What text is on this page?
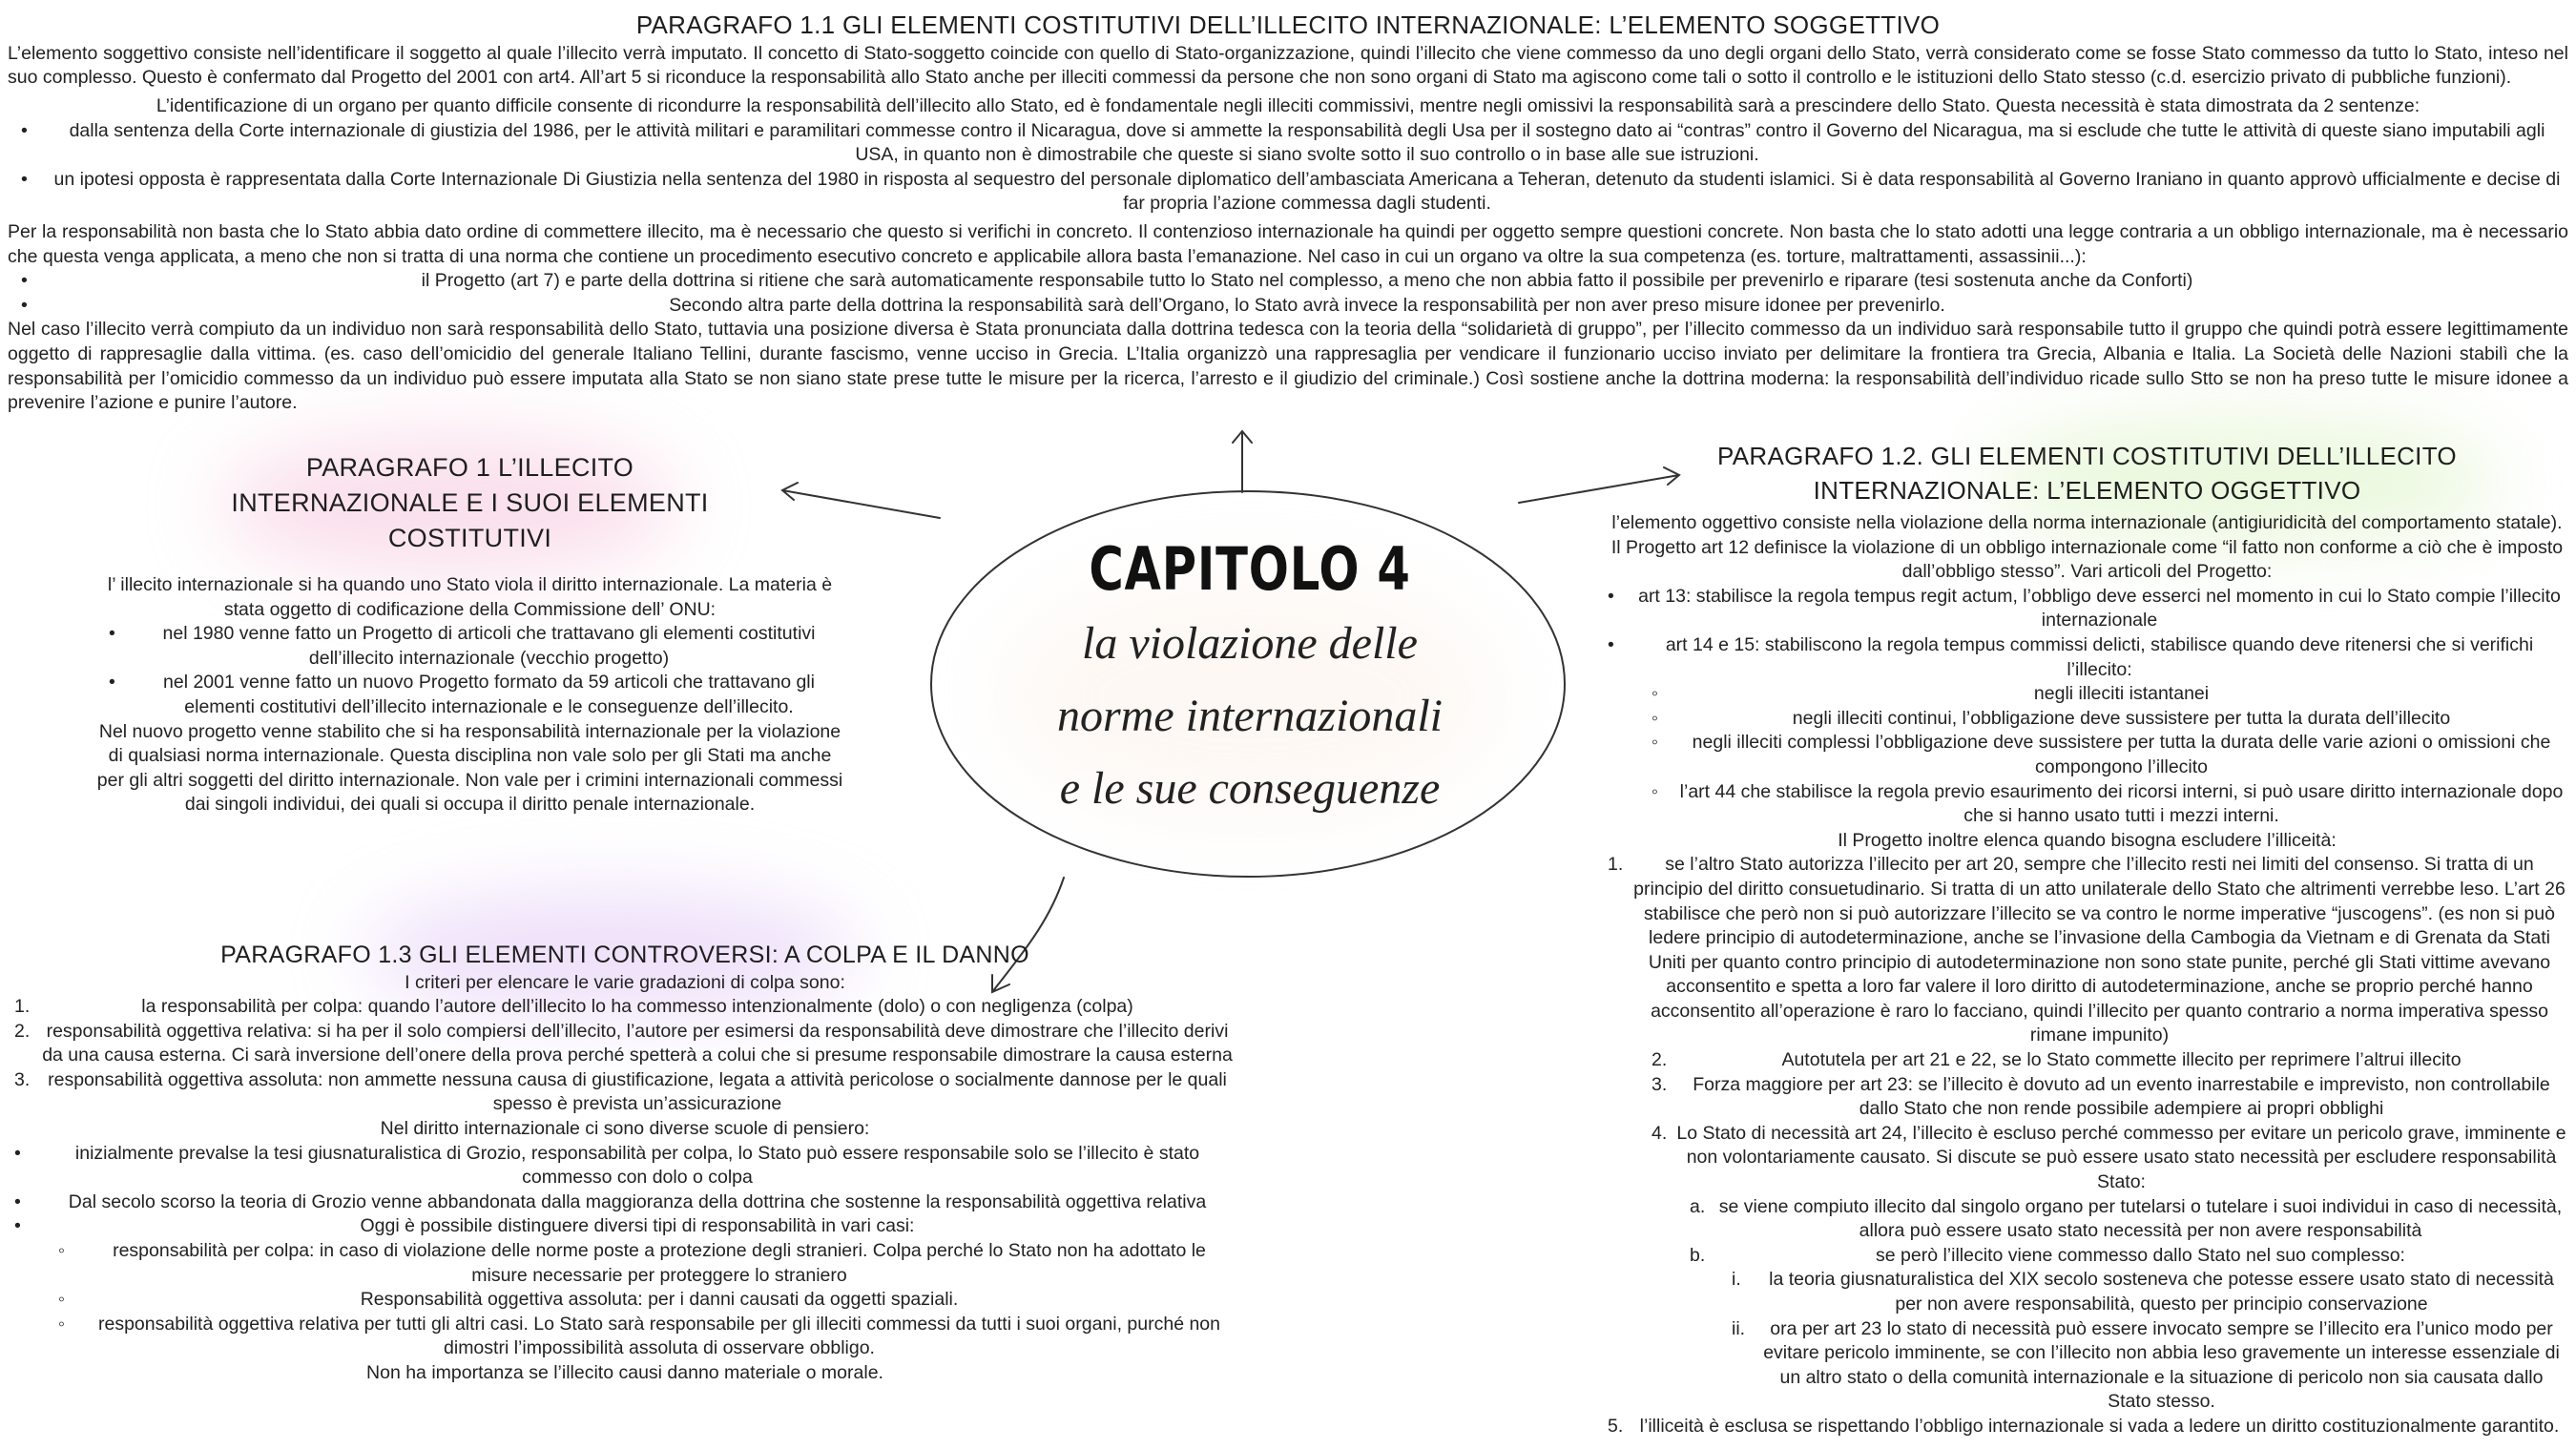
PARAGRAFO 1.1 GLI ELEMENTI COSTITUTIVI DELL’ILLECITO INTERNAZIONALE: L’ELEMENTO SOGGETTIVO

L’elemento soggettivo consiste nell’identificare il soggetto al quale l’illecito verrà imputato. Il concetto di Stato-soggetto coincide con quello di Stato-organizzazione, quindi l’illecito che viene commesso da uno degli organi dello Stato, verrà considerato come se fosse Stato commesso da tutto lo Stato, inteso nel suo complesso. Questo è confermato dal Progetto del 2001 con art4. All’art 5 si riconduce la responsabilità allo Stato anche per illeciti commessi da persone che non sono organi di Stato ma agiscono come tali o sotto il controllo e le istituzioni dello Stato stesso (c.d. esercizio privato di pubbliche funzioni).

L’identificazione di un organo per quanto difficile consente di ricondurre la responsabilità dell’illecito allo Stato, ed è fondamentale negli illeciti commissivi, mentre negli omissivi la responsabilità sarà a prescindere dello Stato. Questa necessità è stata dimostrata da 2 sentenze:

•	dalla sentenza della Corte internazionale di giustizia del 1986, per le attività militari e paramilitari commesse contro il Nicaragua, dove si ammette la responsabilità degli Usa per il sostegno dato ai “contras” contro il Governo del Nicaragua, ma si esclude che tutte le attività di queste siano imputabili agli USA, in quanto non è dimostrabile che queste si siano svolte sotto il suo controllo o in base alle sue istruzioni.
•	un ipotesi opposta è rappresentata dalla Corte Internazionale Di Giustizia nella sentenza del 1980 in risposta al sequestro del personale diplomatico dell’ambasciata Americana a Teheran, detenuto da studenti islamici. Si è data responsabilità al Governo Iraniano in quanto approvò ufficialmente e decise di far propria l’azione commessa dagli studenti.

Per la responsabilità non basta che lo Stato abbia dato ordine di commettere illecito, ma è necessario che questo si verifichi in concreto. Il contenzioso internazionale ha quindi per oggetto sempre questioni concrete. Non basta che lo stato adotti una legge contraria a un obbligo internazionale, ma è necessario che questa venga applicata, a meno che non si tratta di una norma che contiene un procedimento esecutivo concreto e applicabile allora basta l’emanazione. Nel caso in cui un organo va oltre la sua competenza (es. torture, maltrattamenti, assassinii...):

•	il Progetto (art 7) e parte della dottrina si ritiene che sarà automaticamente responsabile tutto lo Stato nel complesso, a meno che non abbia fatto il possibile per prevenirlo e riparare (tesi sostenuta anche da Conforti)
•	Secondo altra parte della dottrina la responsabilità sarà dell’Organo, lo Stato avrà invece la responsabilità per non aver preso misure idonee per prevenirlo.

Nel caso l’illecito verrà compiuto da un individuo non sarà responsabilità dello Stato, tuttavia una posizione diversa è Stata pronunciata dalla dottrina tedesca con la teoria della “solidarietà di gruppo”, per l’illecito commesso da un individuo sarà responsabile tutto il gruppo che quindi potrà essere legittimamente oggetto di rappresaglie dalla vittima. (es. caso dell’omicidio del generale Italiano Tellini, durante fascismo, venne ucciso in Grecia. L’Italia organizzò una rappresaglia per vendicare il funzionario ucciso inviato per delimitare la frontiera tra Grecia, Albania e Italia. La Società delle Nazioni stabilì che la responsabilità per l’omicidio commesso da un individuo può essere imputata alla Stato se non siano state prese tutte le misure per la ricerca, l’arresto e il giudizio del criminale.) Così sostiene anche la dottrina moderna: la responsabilità dell’individuo ricade sullo Stto se non ha preso tutte le misure idonee a prevenire l’azione e punire l’autore.

PARAGRAFO 1 L’ILLECITO INTERNAZIONALE E I SUOI ELEMENTI COSTITUTIVI

l’ illecito internazionale si ha quando uno Stato viola il diritto internazionale. La materia è stata oggetto di codificazione della Commissione dell’ ONU:

•	nel 1980 venne fatto un Progetto di articoli che trattavano gli elementi costitutivi dell’illecito internazionale (vecchio progetto)
•	nel 2001 venne fatto un nuovo Progetto formato da 59 articoli che trattavano gli elementi costitutivi dell’illecito internazionale e le conseguenze dell’illecito.

Nel nuovo progetto venne stabilito che si ha responsabilità internazionale per la violazione di qualsiasi norma internazionale. Questa disciplina non vale solo per gli Stati ma anche per gli altri soggetti del diritto internazionale. Non vale per i crimini internazionali commessi dai singoli individui, dei quali si occupa il diritto penale internazionale.

CAPITOLO 4
la violazione delle
norme internazionali
e le sue conseguenze
PARAGRAFO 1.3 GLI ELEMENTI CONTROVERSI: A COLPA E IL DANNO

I criteri per elencare le varie gradazioni di colpa sono:

1.	la responsabilità per colpa: quando l’autore dell’illecito lo ha commesso intenzionalmente (dolo) o con negligenza (colpa)
2. responsabilità oggettiva relativa: si ha per il solo compiersi dell’illecito, l’autore per esimersi da responsabilità deve dimostrare che l’illecito derivi da una causa esterna. Ci sarà inversione dell’onere della prova perché spetterà a colui che si presume responsabile dimostrare la causa esterna
3. responsabilità oggettiva assoluta: non ammette nessuna causa di giustificazione, legata a attività pericolose o socialmente dannose per le quali spesso è prevista un’assicurazione

Nel diritto internazionale ci sono diverse scuole di pensiero:

•	inizialmente prevalse la tesi giusnaturalistica di Grozio, responsabilità per colpa, lo Stato può essere responsabile solo se l’illecito è stato commesso con dolo o colpa
•	Dal secolo scorso la teoria di Grozio venne abbandonata dalla maggioranza della dottrina che sostenne la responsabilità oggettiva relativa
•	Oggi è possibile distinguere diversi tipi di responsabilità in vari casi:
◦	responsabilità per colpa: in caso di violazione delle norme poste a protezione degli stranieri. Colpa perché lo Stato non ha adottato le misure necessarie per proteggere lo straniero
◦	Responsabilità oggettiva assoluta: per i danni causati da oggetti spaziali.
◦	responsabilità oggettiva relativa per tutti gli altri casi. Lo Stato sarà responsabile per gli illeciti commessi da tutti i suoi organi, purché non dimostri l’impossibilità assoluta di osservare obbligo.

Non ha importanza se l’illecito causi danno materiale o morale.

PARAGRAFO 1.2. GLI ELEMENTI COSTITUTIVI DELL’ILLECITO INTERNAZIONALE: L’ELEMENTO OGGETTIVO

l’elemento oggettivo consiste nella violazione della norma internazionale (antigiuridicità del comportamento statale). Il Progetto art 12 definisce la violazione di un obbligo internazionale come “il fatto non conforme a ciò che è imposto dall’obbligo stesso”. Vari articoli del Progetto:

•	art 13: stabilisce la regola tempus regit actum, l’obbligo deve esserci nel momento in cui lo Stato compie l’illecito internazionale
•	art 14 e 15: stabiliscono la regola tempus commissi delicti, stabilisce quando deve ritenersi che si verifichi l’illecito:
◦	negli illeciti istantanei
◦	negli illeciti continui, l’obbligazione deve sussistere per tutta la durata dell’illecito
◦	negli illeciti complessi l’obbligazione deve sussistere per tutta la durata delle varie azioni o omissioni che compongono l’illecito
◦	l’art 44 che stabilisce la regola previo esaurimento dei ricorsi interni, si può usare diritto internazionale dopo che si hanno usato tutti i mezzi interni.

Il Progetto inoltre elenca quando bisogna escludere l’illiceità:

1.	se l’altro Stato autorizza l’illecito per art 20, sempre che l’illecito resti nei limiti del consenso. Si tratta di un principio del diritto consuetudinario. Si tratta di un atto unilaterale dello Stato che altrimenti verrebbe leso. L’art 26 stabilisce che però non si può autorizzare l’illecito se va contro le norme imperative “juscogens”. (es non si può ledere principio di autodeterminazione, anche se l’invasione della Cambogia da Vietnam e di Grenata da Stati Uniti per quanto contro principio di autodeterminazione non sono state punite, perché gli Stati vittime avevano acconsentito e spetta a loro far valere il loro diritto di autodeterminazione, anche se proprio perché hanno acconsentito all’operazione è raro lo facciano, quindi l’illecito per quanto contrario a norma imperativa spesso rimane impunito)
2.	Autotutela per art 21 e 22, se lo Stato commette illecito per reprimere l’altrui illecito
3.	Forza maggiore per art 23: se l’illecito è dovuto ad un evento inarrestabile e imprevisto, non controllabile dallo Stato che non rende possibile adempiere ai propri obblighi
4. Lo Stato di necessità art 24, l’illecito è escluso perché commesso per evitare un pericolo grave, imminente e non volontariamente causato. Si discute se può essere usato stato necessità per escludere responsabilità Stato:
a. se viene compiuto illecito dal singolo organo per tutelarsi o tutelare i suoi individui in caso di necessità, allora può essere usato stato necessità per non avere responsabilità
b.	se però l’illecito viene commesso dallo Stato nel suo complesso:
i.	la teoria giusnaturalistica del XIX secolo sosteneva che potesse essere usato stato di necessità per non avere responsabilità, questo per principio conservazione
ii.	ora per art 23 lo stato di necessità può essere invocato sempre se l’illecito era l’unico modo per evitare pericolo imminente, se con l’illecito non abbia leso gravemente un interesse essenziale di un altro stato o della comunità internazionale e la situazione di pericolo non sia causata dallo Stato stesso.
5. l’illiceità è esclusa se rispettando l’obbligo internazionale si vada a ledere un diritto costituzionalmente garantito.
